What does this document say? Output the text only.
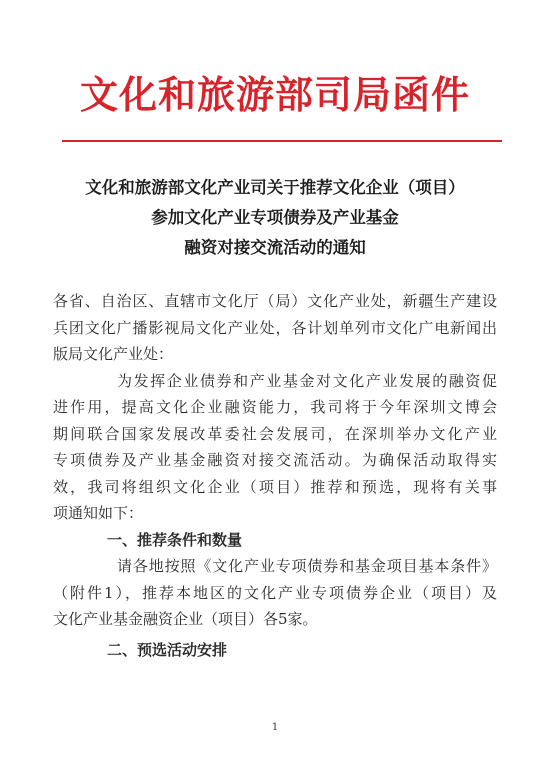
文化和旅游部司局函件
文化和旅游部文化产业司关于推荐文化企业（项目）
参加文化产业专项债券及产业基金
融资对接交流活动的通知
各省、自治区、直辖市文化厅（局）文化产业处，新疆生产建设
兵团文化广播影视局文化产业处，各计划单列市文化广电新闻出
版局文化产业处：
为发挥企业债券和产业基金对文化产业发展的融资促
进作用，提高文化企业融资能力，我司将于今年深圳文博会
期间联合国家发展改革委社会发展司，在深圳举办文化产业
专项债券及产业基金融资对接交流活动。为确保活动取得实
效，我司将组织文化企业（项目）推荐和预选，现将有关事
项通知如下：
一、推荐条件和数量
请各地按照《文化产业专项债券和基金项目基本条件》
（附件1），推荐本地区的文化产业专项债券企业（项目）及
文化产业基金融资企业（项目）各5家。
二、预选活动安排
1
